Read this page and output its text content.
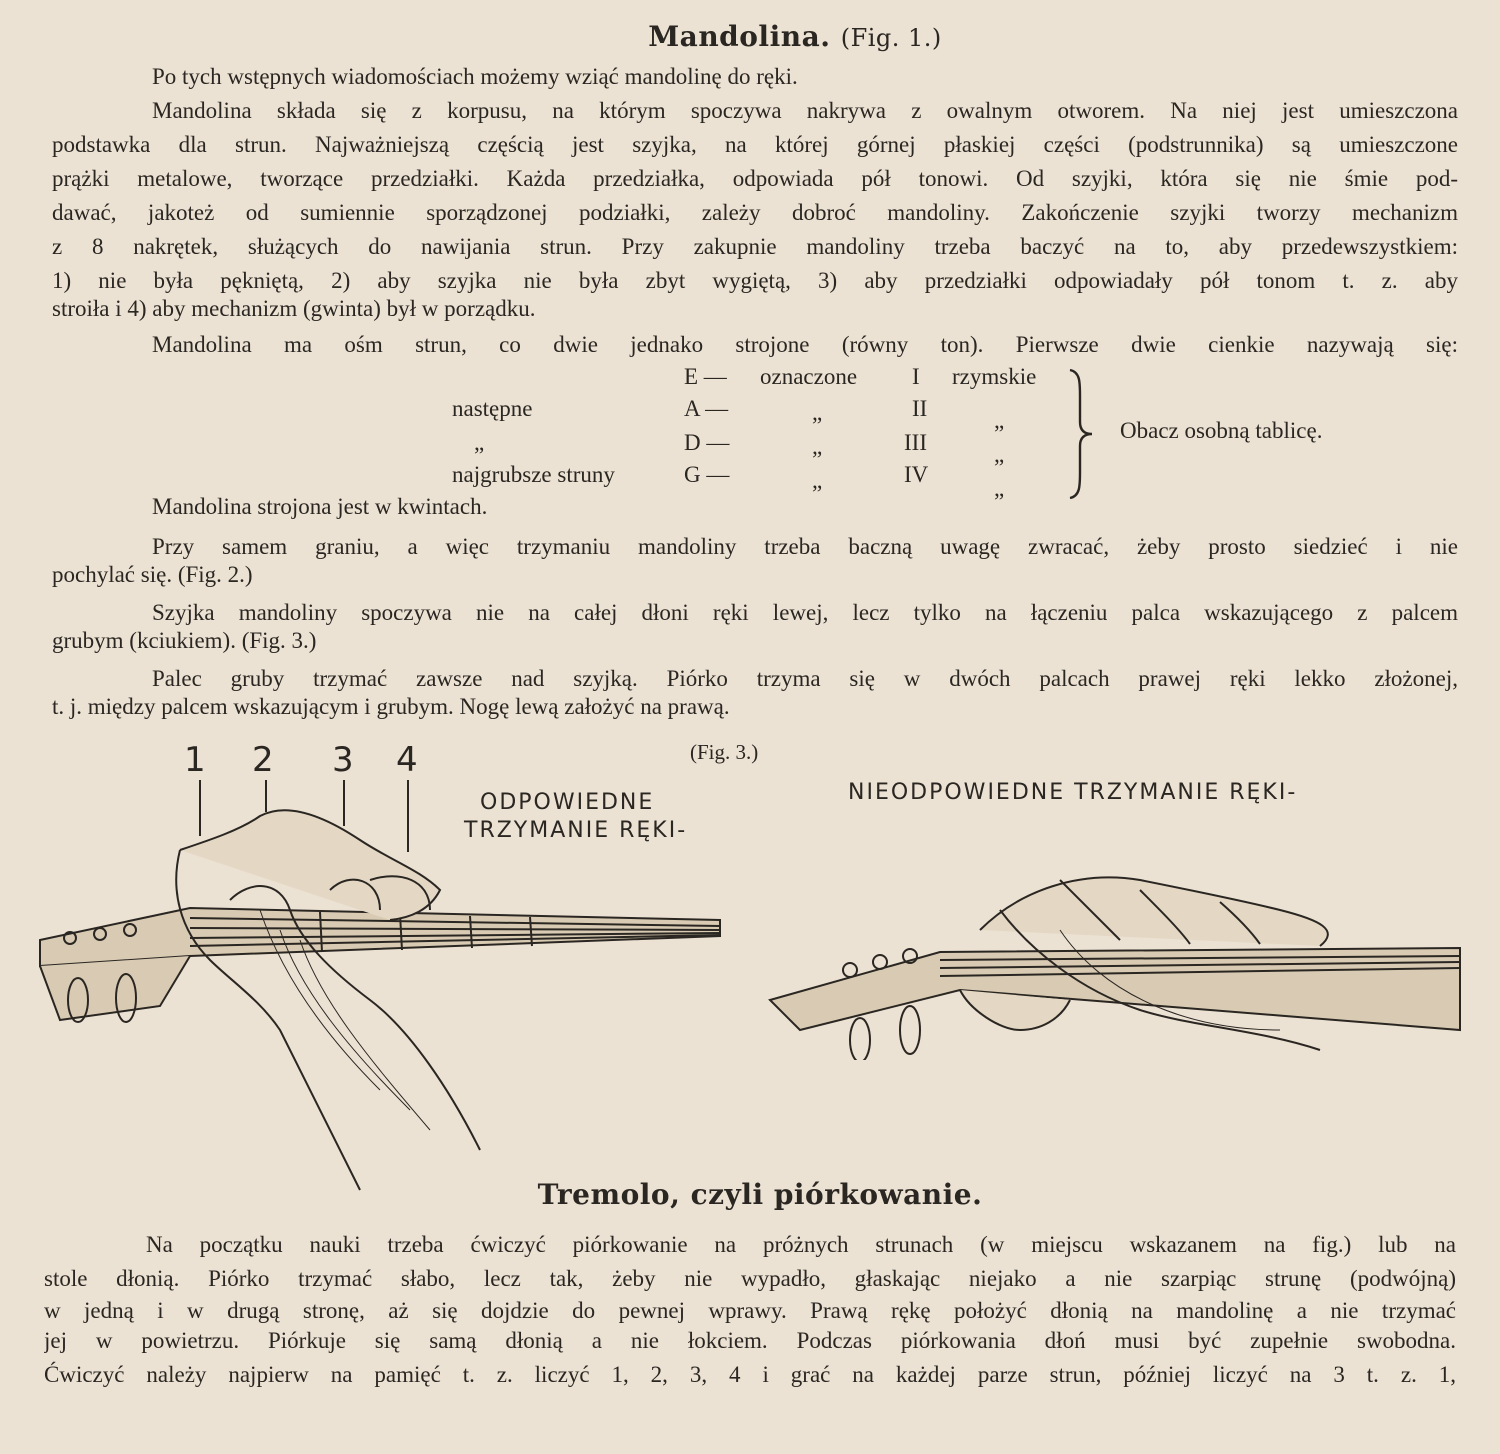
Mandolina. (Fig. 1.)
Po tych wstępnych wiadomościach możemy wziąć mandolinę do ręki.
Mandolina składa się z korpusu, na którym spoczywa nakrywa z owalnym otworem. Na niej jest umieszczona
podstawka dla strun. Najważniejszą częścią jest szyjka, na której górnej płaskiej części (podstrunnika) są umieszczone
prążki metalowe, tworzące przedziałki. Każda przedziałka, odpowiada pół tonowi. Od szyjki, która się nie śmie pod-
dawać, jakoteż od sumiennie sporządzonej podziałki, zależy dobroć mandoliny. Zakończenie szyjki tworzy mechanizm
z 8 nakrętek, służących do nawijania strun. Przy zakupnie mandoliny trzeba baczyć na to, aby przedewszystkiem:
1) nie była pękniętą, 2) aby szyjka nie była zbyt wygiętą, 3) aby przedziałki odpowiadały pół tonom t. z. aby
stroiła i 4) aby mechanizm (gwinta) był w porządku.
Mandolina ma ośm strun, co dwie jednako strojone (równy ton). Pierwsze dwie cienkie nazywają się:
następne
„
najgrubsze struny
E —
A —
D —
G —
oznaczone
„
„
„
I
II
III
IV
rzymskie
„
„
„
Obacz osobną tablicę.
Mandolina strojona jest w kwintach.
Przy samem graniu, a więc trzymaniu mandoliny trzeba baczną uwagę zwracać, żeby prosto siedzieć i nie
pochylać się. (Fig. 2.)
Szyjka mandoliny spoczywa nie na całej dłoni ręki lewej, lecz tylko na łączeniu palca wskazującego z palcem
grubym (kciukiem). (Fig. 3.)
Palec gruby trzymać zawsze nad szyjką. Piórko trzyma się w dwóch palcach prawej ręki lekko złożonej,
t. j. między palcem wskazującym i grubym. Nogę lewą założyć na prawą.
(Fig. 3.)
1 2 3 4
ODPOWIEDNE
TRZYMANIE RĘKI-
NIEODPOWIEDNE TRZYMANIE RĘKI-
Tremolo, czyli piórkowanie.
Na początku nauki trzeba ćwiczyć piórkowanie na próżnych strunach (w miejscu wskazanem na fig.) lub na
stole dłonią. Piórko trzymać słabo, lecz tak, żeby nie wypadło, głaskając niejako a nie szarpiąc strunę (podwójną)
w jedną i w drugą stronę, aż się dojdzie do pewnej wprawy. Prawą rękę położyć dłonią na mandolinę a nie trzymać
jej w powietrzu. Piórkuje się samą dłonią a nie łokciem. Podczas piórkowania dłoń musi być zupełnie swobodna.
Ćwiczyć należy najpierw na pamięć t. z. liczyć 1, 2, 3, 4 i grać na każdej parze strun, później liczyć na 3 t. z. 1,
